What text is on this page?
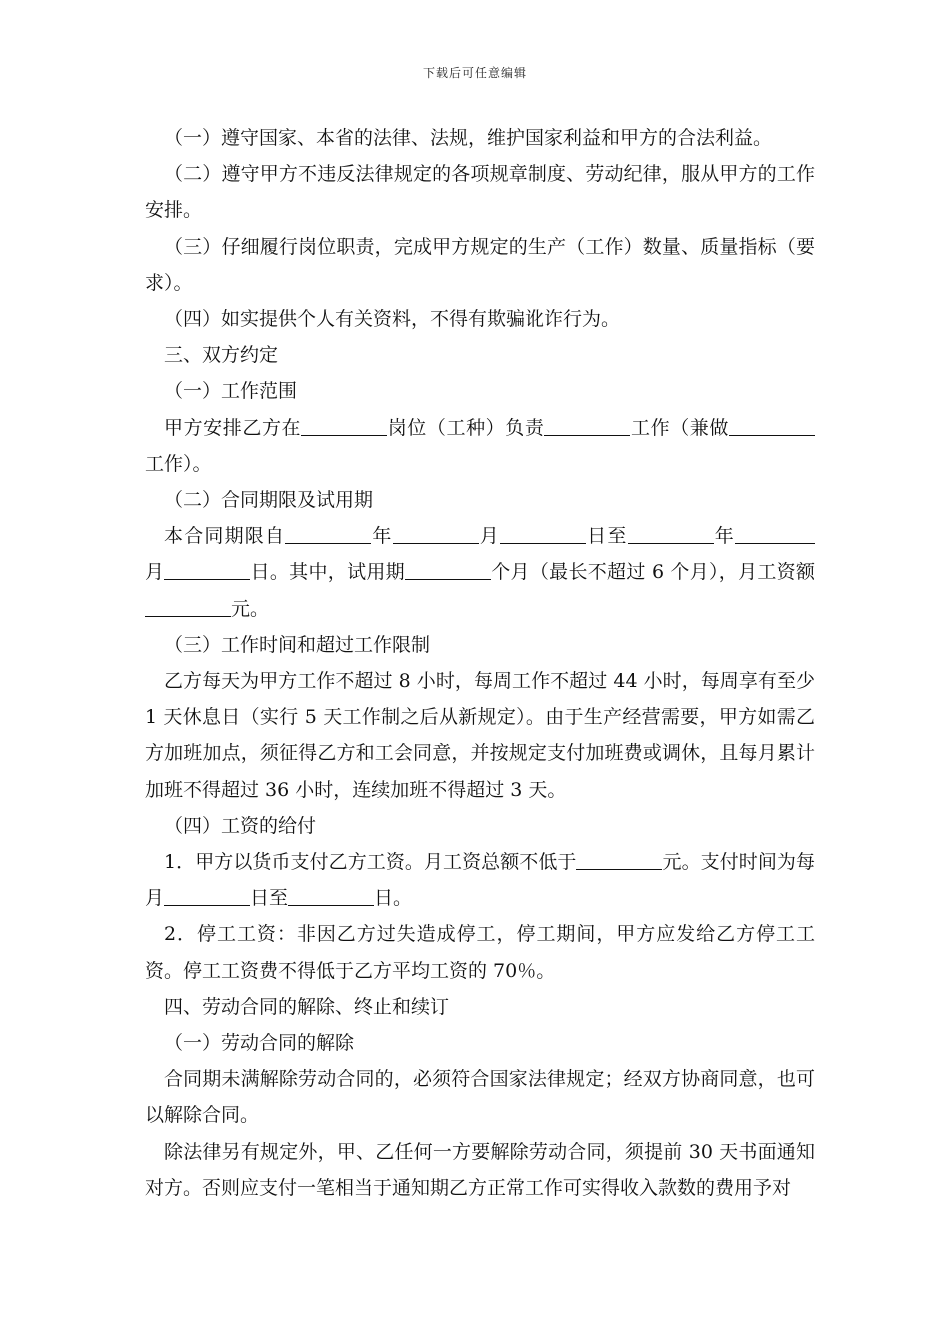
下载后可任意编辑

（一）遵守国家、本省的法律、法规，维护国家利益和甲方的合法利益。

（二）遵守甲方不违反法律规定的各项规章制度、劳动纪律，服从甲方的工作安排。

（三）仔细履行岗位职责，完成甲方规定的生产（工作）数量、质量指标（要求）。

（四）如实提供个人有关资料，不得有欺骗讹诈行为。

三、双方约定

（一）工作范围

甲方安排乙方在	岗位（工种）负责	工作（兼做工作）。

（二）合同期限及试用期

本合同期限自	年	月	日至	年月	日。其中，试用期	个月（最长不超过 6 个月），月工资额元。

（三）工作时间和超过工作限制

乙方每天为甲方工作不超过 8 小时，每周工作不超过 44 小时，每周享有至少 1 天休息日（实行 5 天工作制之后从新规定）。由于生产经营需要，甲方如需乙方加班加点，须征得乙方和工会同意，并按规定支付加班费或调休，且每月累计加班不得超过 36 小时，连续加班不得超过 3 天。

（四）工资的给付

1．甲方以货币支付乙方工资。月工资总额不低于	元。支付时间为每月	日至	日。

2．停工工资：非因乙方过失造成停工，停工期间，甲方应发给乙方停工工资。停工工资费不得低于乙方平均工资的 70％。

四、劳动合同的解除、终止和续订

（一）劳动合同的解除

合同期未满解除劳动合同的，必须符合国家法律规定；经双方协商同意，也可以解除合同。

除法律另有规定外，甲、乙任何一方要解除劳动合同，须提前 30 天书面通知对方。否则应支付一笔相当于通知期乙方正常工作可实得收入款数的费用予对
